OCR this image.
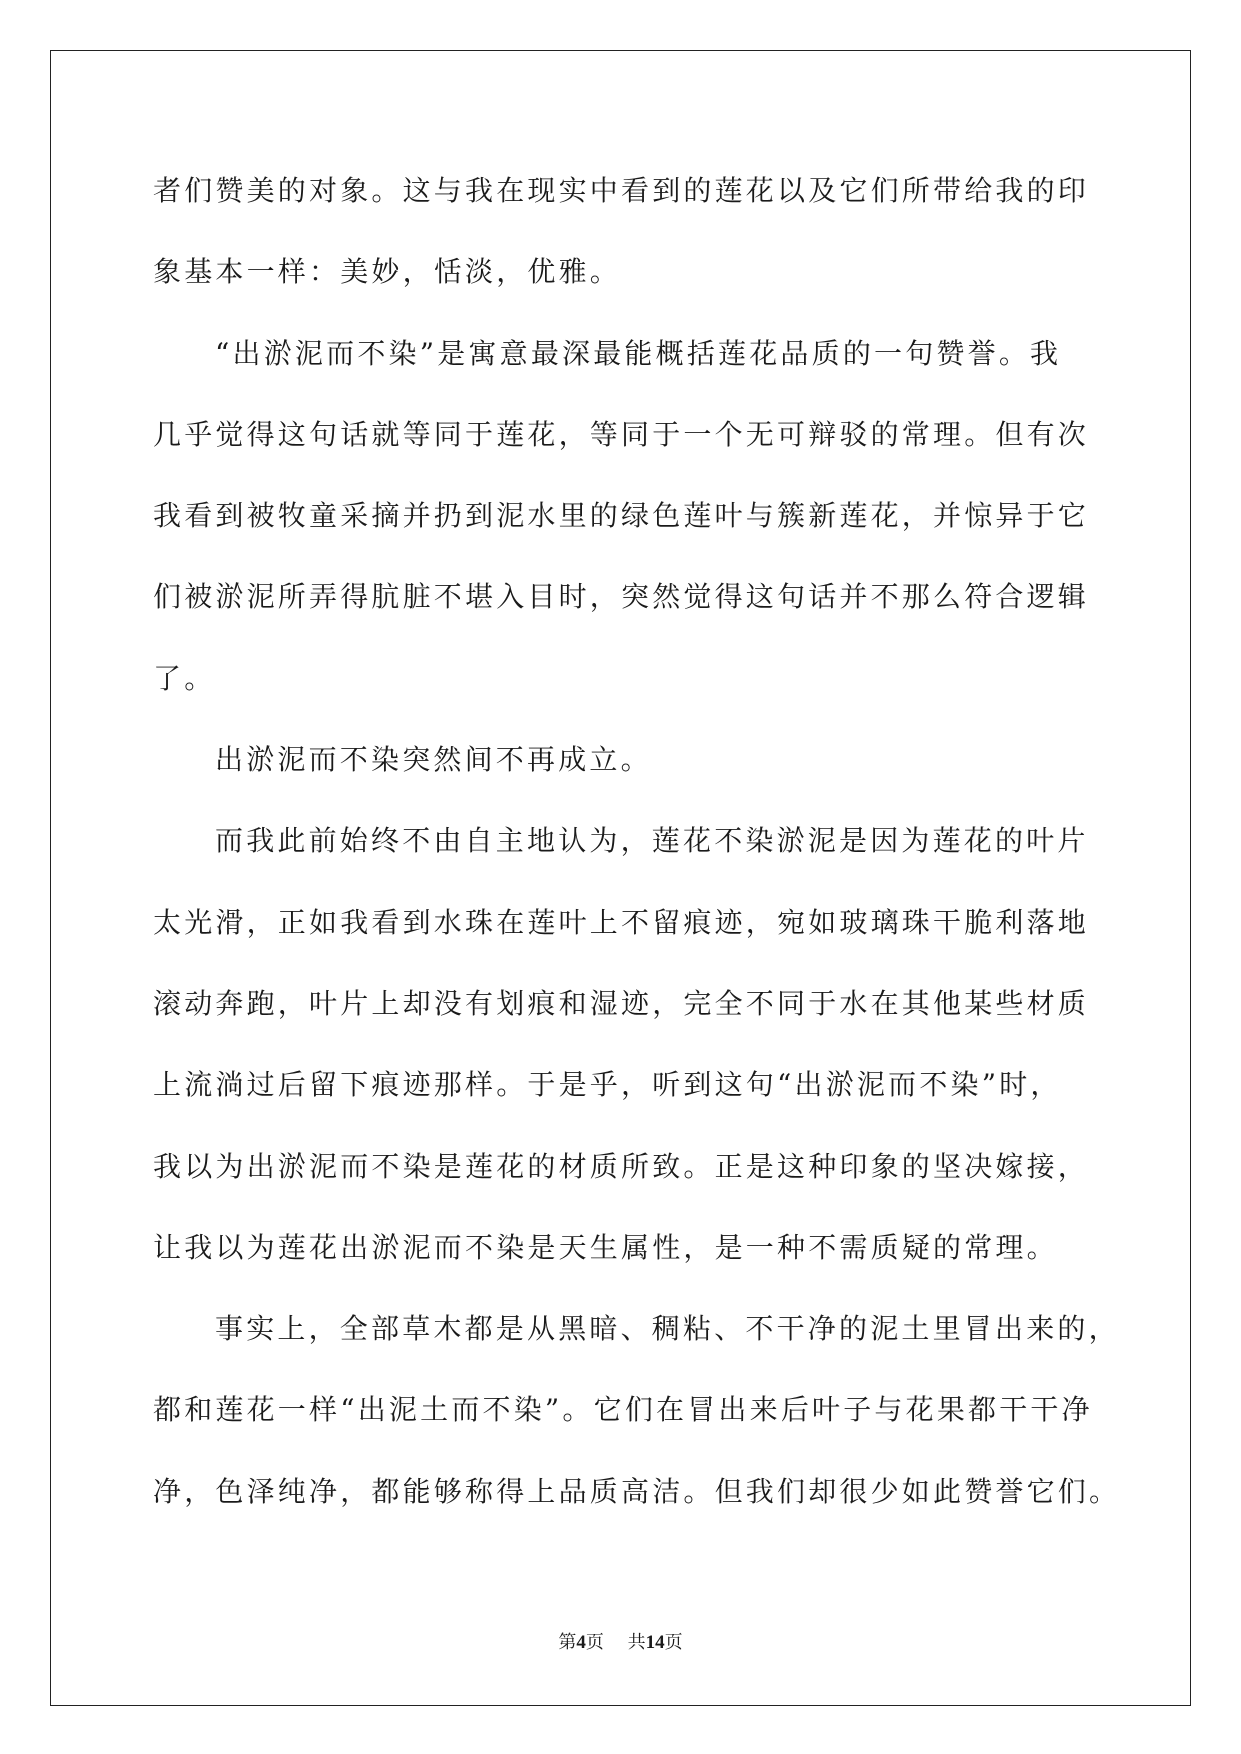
者们赞美的对象。这与我在现实中看到的莲花以及它们所带给我的印
象基本一样：美妙，恬淡，优雅。
“出淤泥而不染”是寓意最深最能概括莲花品质的一句赞誉。我
几乎觉得这句话就等同于莲花，等同于一个无可辩驳的常理。但有次
我看到被牧童采摘并扔到泥水里的绿色莲叶与簇新莲花，并惊异于它
们被淤泥所弄得肮脏不堪入目时，突然觉得这句话并不那么符合逻辑
了。
出淤泥而不染突然间不再成立。
而我此前始终不由自主地认为，莲花不染淤泥是因为莲花的叶片
太光滑，正如我看到水珠在莲叶上不留痕迹，宛如玻璃珠干脆利落地
滚动奔跑，叶片上却没有划痕和湿迹，完全不同于水在其他某些材质
上流淌过后留下痕迹那样。于是乎，听到这句“出淤泥而不染”时，
我以为出淤泥而不染是莲花的材质所致。正是这种印象的坚决嫁接，
让我以为莲花出淤泥而不染是天生属性，是一种不需质疑的常理。
事实上，全部草木都是从黑暗、稠粘、不干净的泥土里冒出来的，
都和莲花一样“出泥土而不染”。它们在冒出来后叶子与花果都干干净
净，色泽纯净，都能够称得上品质高洁。但我们却很少如此赞誉它们。
第4页 共14页
